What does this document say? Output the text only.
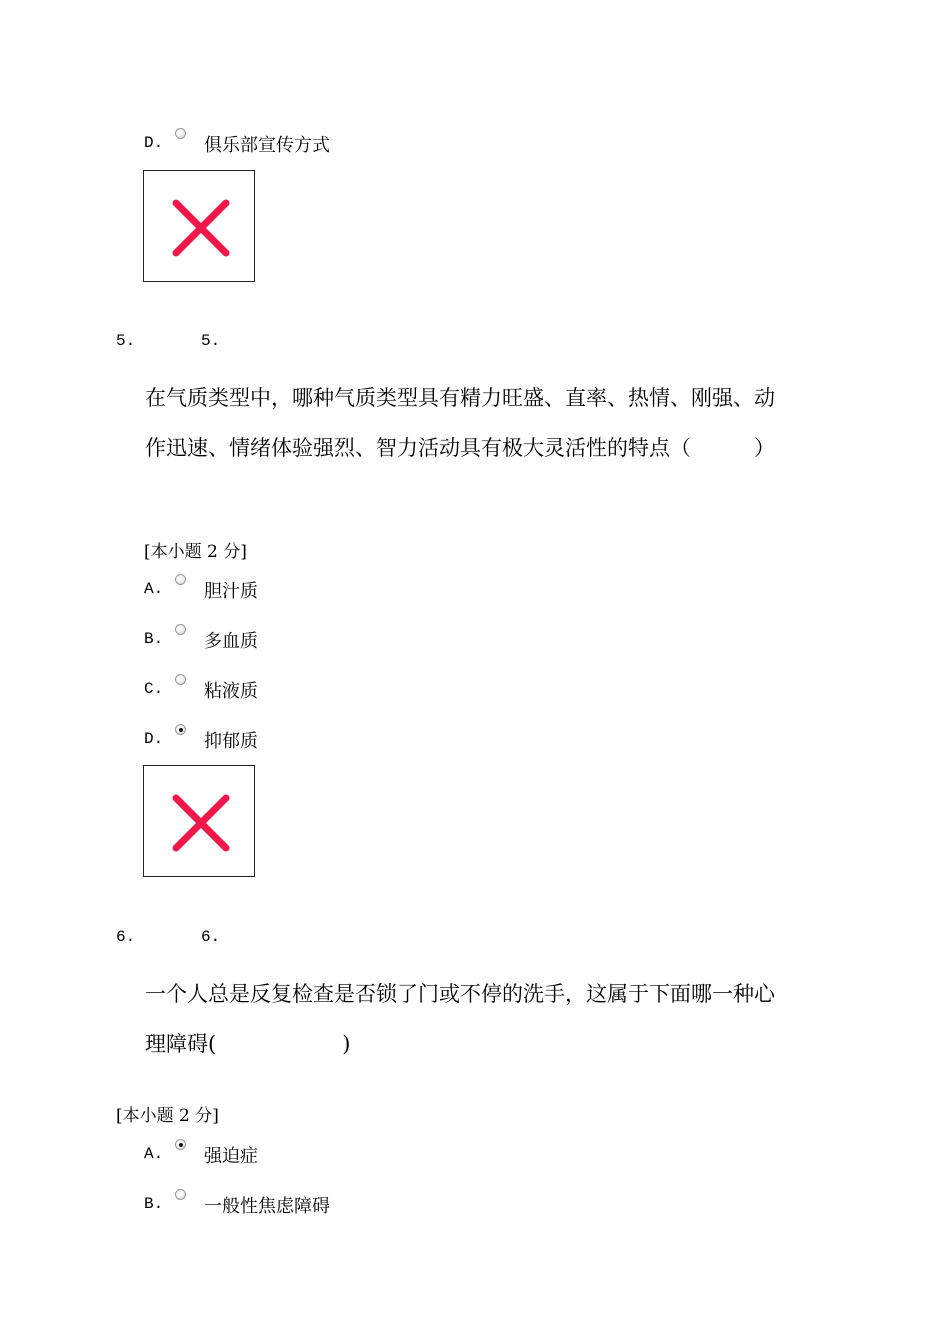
D. 俱乐部宣传方式
5.	5.
在气质类型中，哪种气质类型具有精力旺盛、直率、热情、刚强、动
作迅速、情绪体验强烈、智力活动具有极大灵活性的特点（　　　）
[本小题 2 分]
A. 胆汁质
B. 多血质
C. 粘液质
D. 抑郁质
6.	6.
一个人总是反复检查是否锁了门或不停的洗手，这属于下面哪一种心
理障碍(　　　　　　)
[本小题 2 分]
A. 强迫症
B. 一般性焦虑障碍
